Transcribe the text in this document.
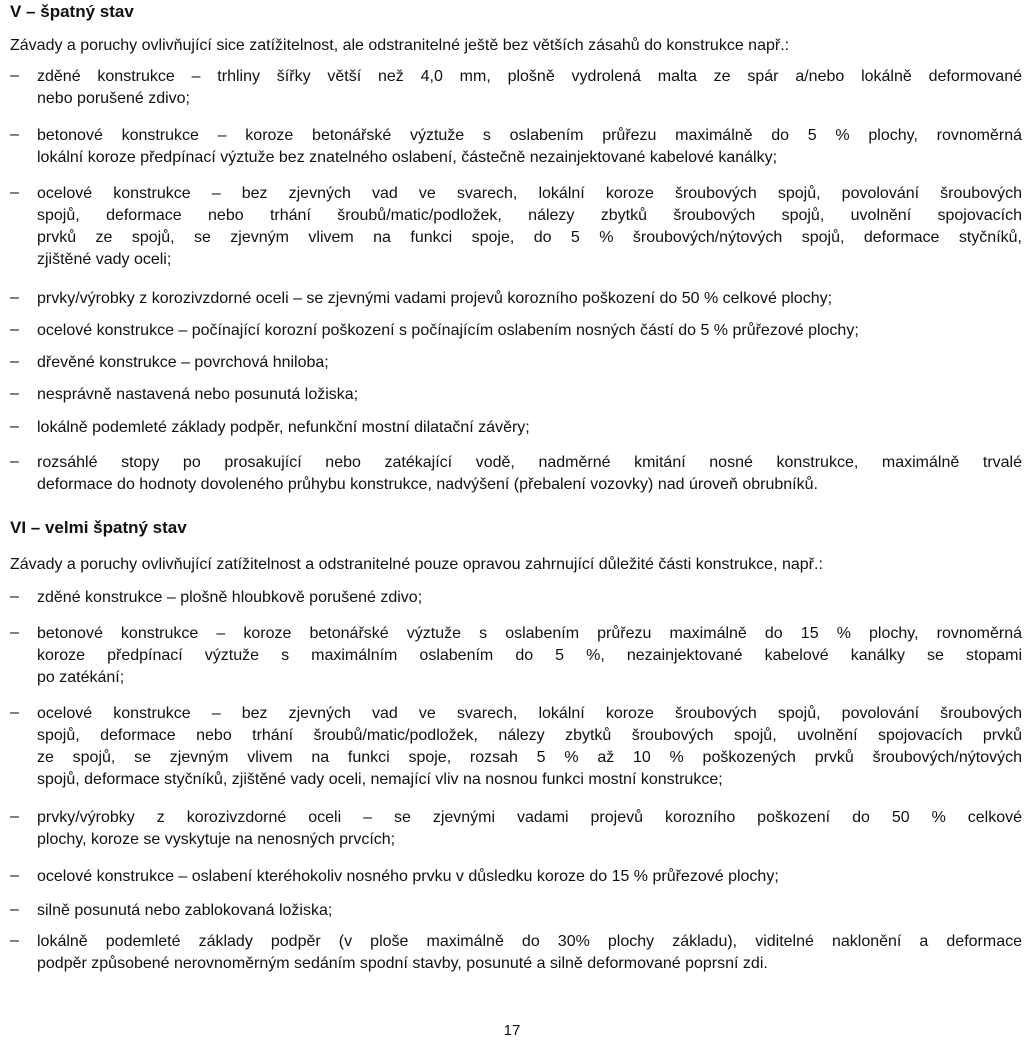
V – špatný stav
Závady a poruchy ovlivňující sice zatížitelnost, ale odstranitelné ještě bez větších zásahů do konstrukce např.:
– zděné konstrukce – trhliny šířky větší než 4,0 mm, plošně vydrolená malta ze spár a/nebo lokálně deformované
nebo porušené zdivo;
– betonové konstrukce – koroze betonářské výztuže s oslabením průřezu maximálně do 5 % plochy, rovnoměrná
lokální koroze předpínací výztuže bez znatelného oslabení, částečně nezainjektované kabelové kanálky;
– ocelové konstrukce – bez zjevných vad ve svarech, lokální koroze šroubových spojů, povolování šroubových
spojů, deformace nebo trhání šroubů/matic/podložek, nálezy zbytků šroubových spojů, uvolnění spojovacích
prvků ze spojů, se zjevným vlivem na funkci spoje, do 5 % šroubových/nýtových spojů, deformace styčníků,
zjištěné vady oceli;
– prvky/výrobky z korozivzdorné oceli – se zjevnými vadami projevů korozního poškození do 50 % celkové plochy;
– ocelové konstrukce – počínající korozní poškození s počínajícím oslabením nosných částí do 5 % průřezové plochy;
– dřevěné konstrukce – povrchová hniloba;
– nesprávně nastavená nebo posunutá ložiska;
– lokálně podemleté základy podpěr, nefunkční mostní dilatační závěry;
– rozsáhlé stopy po prosakující nebo zatékající vodě, nadměrné kmitání nosné konstrukce, maximálně trvalé
deformace do hodnoty dovoleného průhybu konstrukce, nadvýšení (přebalení vozovky) nad úroveň obrubníků.
VI – velmi špatný stav
Závady a poruchy ovlivňující zatížitelnost a odstranitelné pouze opravou zahrnující důležité části konstrukce, např.:
– zděné konstrukce – plošně hloubkově porušené zdivo;
– betonové konstrukce – koroze betonářské výztuže s oslabením průřezu maximálně do 15 % plochy, rovnoměrná
koroze předpínací výztuže s maximálním oslabením do 5 %, nezainjektované kabelové kanálky se stopami
po zatékání;
– ocelové konstrukce – bez zjevných vad ve svarech, lokální koroze šroubových spojů, povolování šroubových
spojů, deformace nebo trhání šroubů/matic/podložek, nálezy zbytků šroubových spojů, uvolnění spojovacích prvků
ze spojů, se zjevným vlivem na funkci spoje, rozsah 5 % až 10 % poškozených prvků šroubových/nýtových
spojů, deformace styčníků, zjištěné vady oceli, nemající vliv na nosnou funkci mostní konstrukce;
– prvky/výrobky z korozivzdorné oceli – se zjevnými vadami projevů korozního poškození do 50 % celkové
plochy, koroze se vyskytuje na nenosných prvcích;
– ocelové konstrukce – oslabení kteréhokoliv nosného prvku v důsledku koroze do 15 % průřezové plochy;
– silně posunutá nebo zablokovaná ložiska;
– lokálně podemleté základy podpěr (v ploše maximálně do 30% plochy základu), viditelné naklonění a deformace
podpěr způsobené nerovnoměrným sedáním spodní stavby, posunuté a silně deformované poprsní zdi.
17
